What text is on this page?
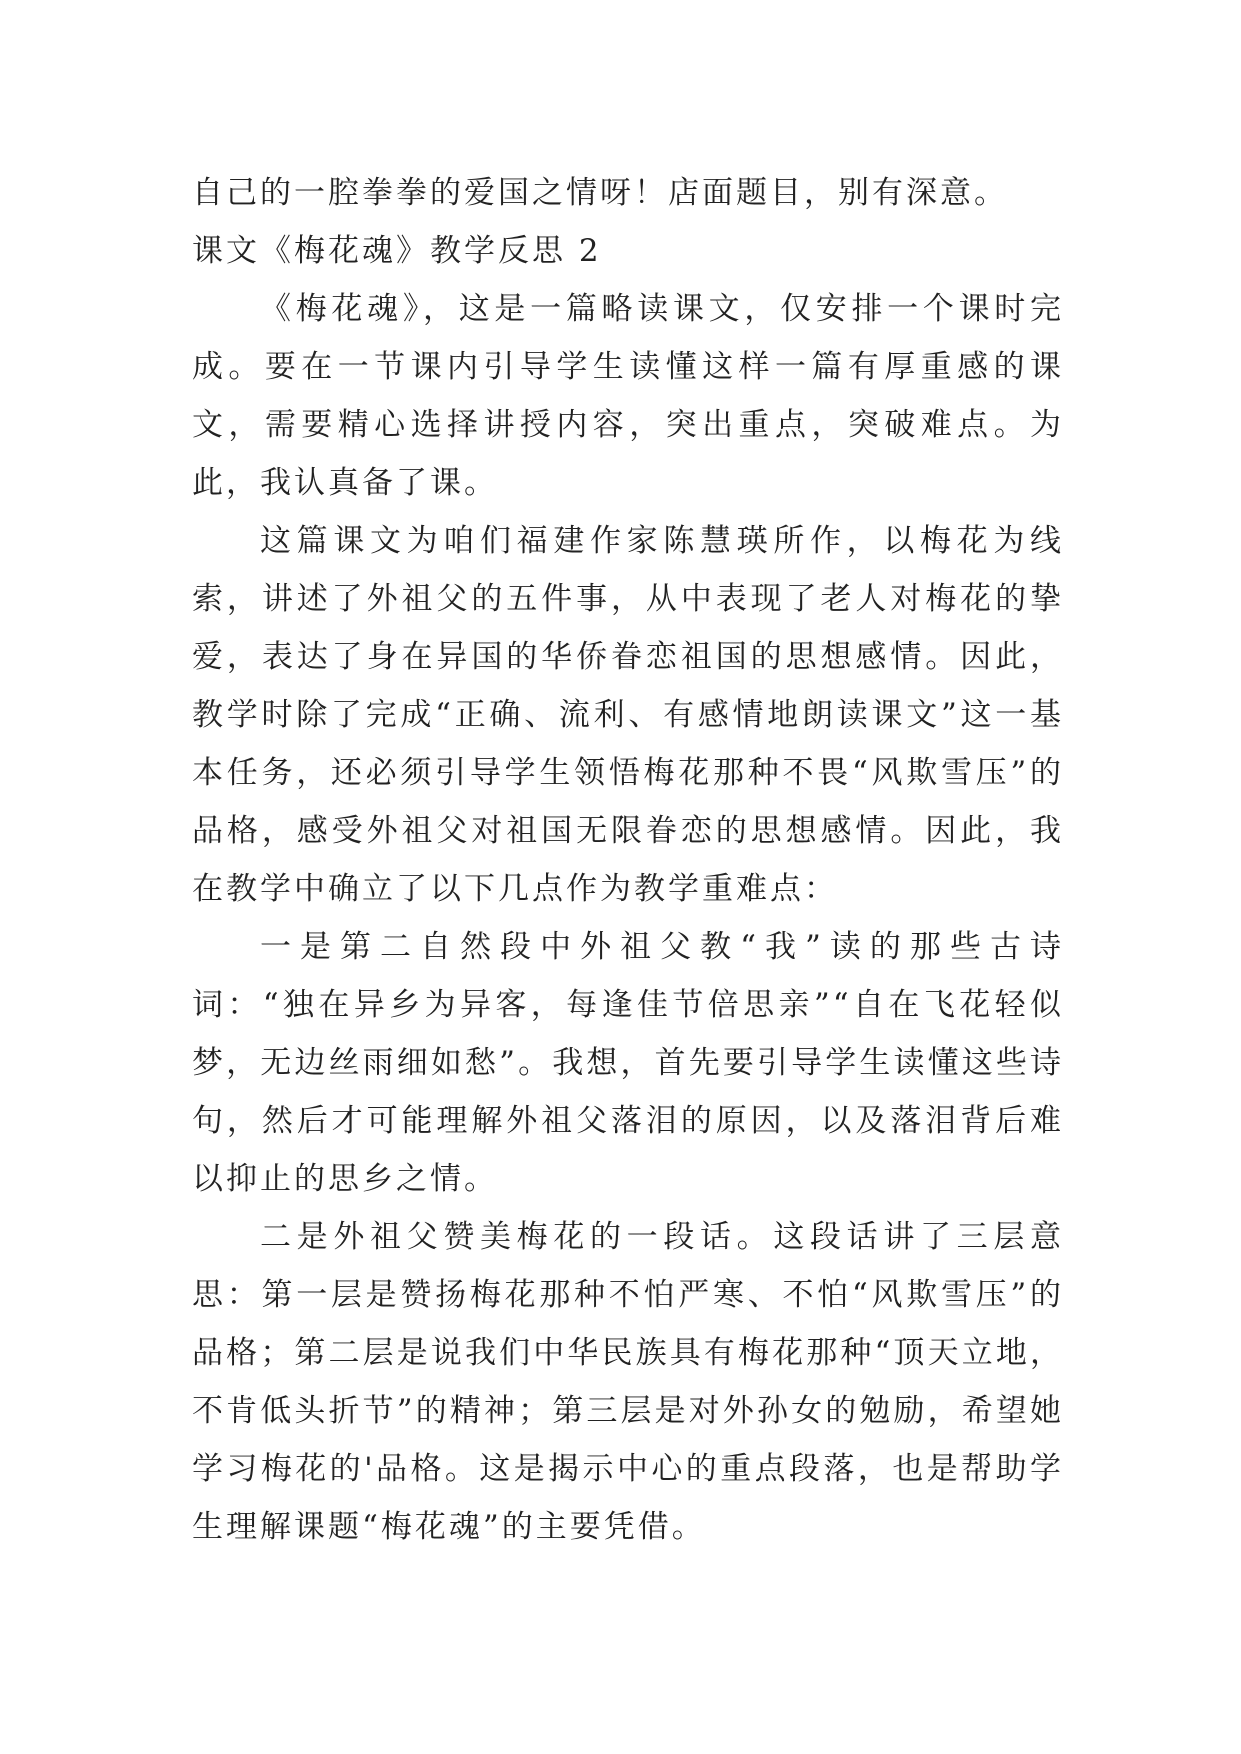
自己的一腔拳拳的爱国之情呀！店面题目，别有深意。

课文《梅花魂》教学反思 2

《梅花魂》，这是一篇略读课文，仅安排一个课时完成。要在一节课内引导学生读懂这样一篇有厚重感的课文，需要精心选择讲授内容，突出重点，突破难点。为此，我认真备了课。

这篇课文为咱们福建作家陈慧瑛所作，以梅花为线索，讲述了外祖父的五件事，从中表现了老人对梅花的挚爱，表达了身在异国的华侨眷恋祖国的思想感情。因此，教学时除了完成“正确、流利、有感情地朗读课文”这一基本任务，还必须引导学生领悟梅花那种不畏“风欺雪压”的品格，感受外祖父对祖国无限眷恋的思想感情。因此，我在教学中确立了以下几点作为教学重难点：

一是第二自然段中外祖父教“我”读的那些古诗词：“独在异乡为异客，每逢佳节倍思亲”“自在飞花轻似梦，无边丝雨细如愁”。我想，首先要引导学生读懂这些诗句，然后才可能理解外祖父落泪的原因，以及落泪背后难以抑止的思乡之情。

二是外祖父赞美梅花的一段话。这段话讲了三层意思：第一层是赞扬梅花那种不怕严寒、不怕“风欺雪压”的品格；第二层是说我们中华民族具有梅花那种“顶天立地，不肯低头折节”的精神；第三层是对外孙女的勉励，希望她学习梅花的'品格。这是揭示中心的重点段落，也是帮助学生理解课题“梅花魂”的主要凭借。
